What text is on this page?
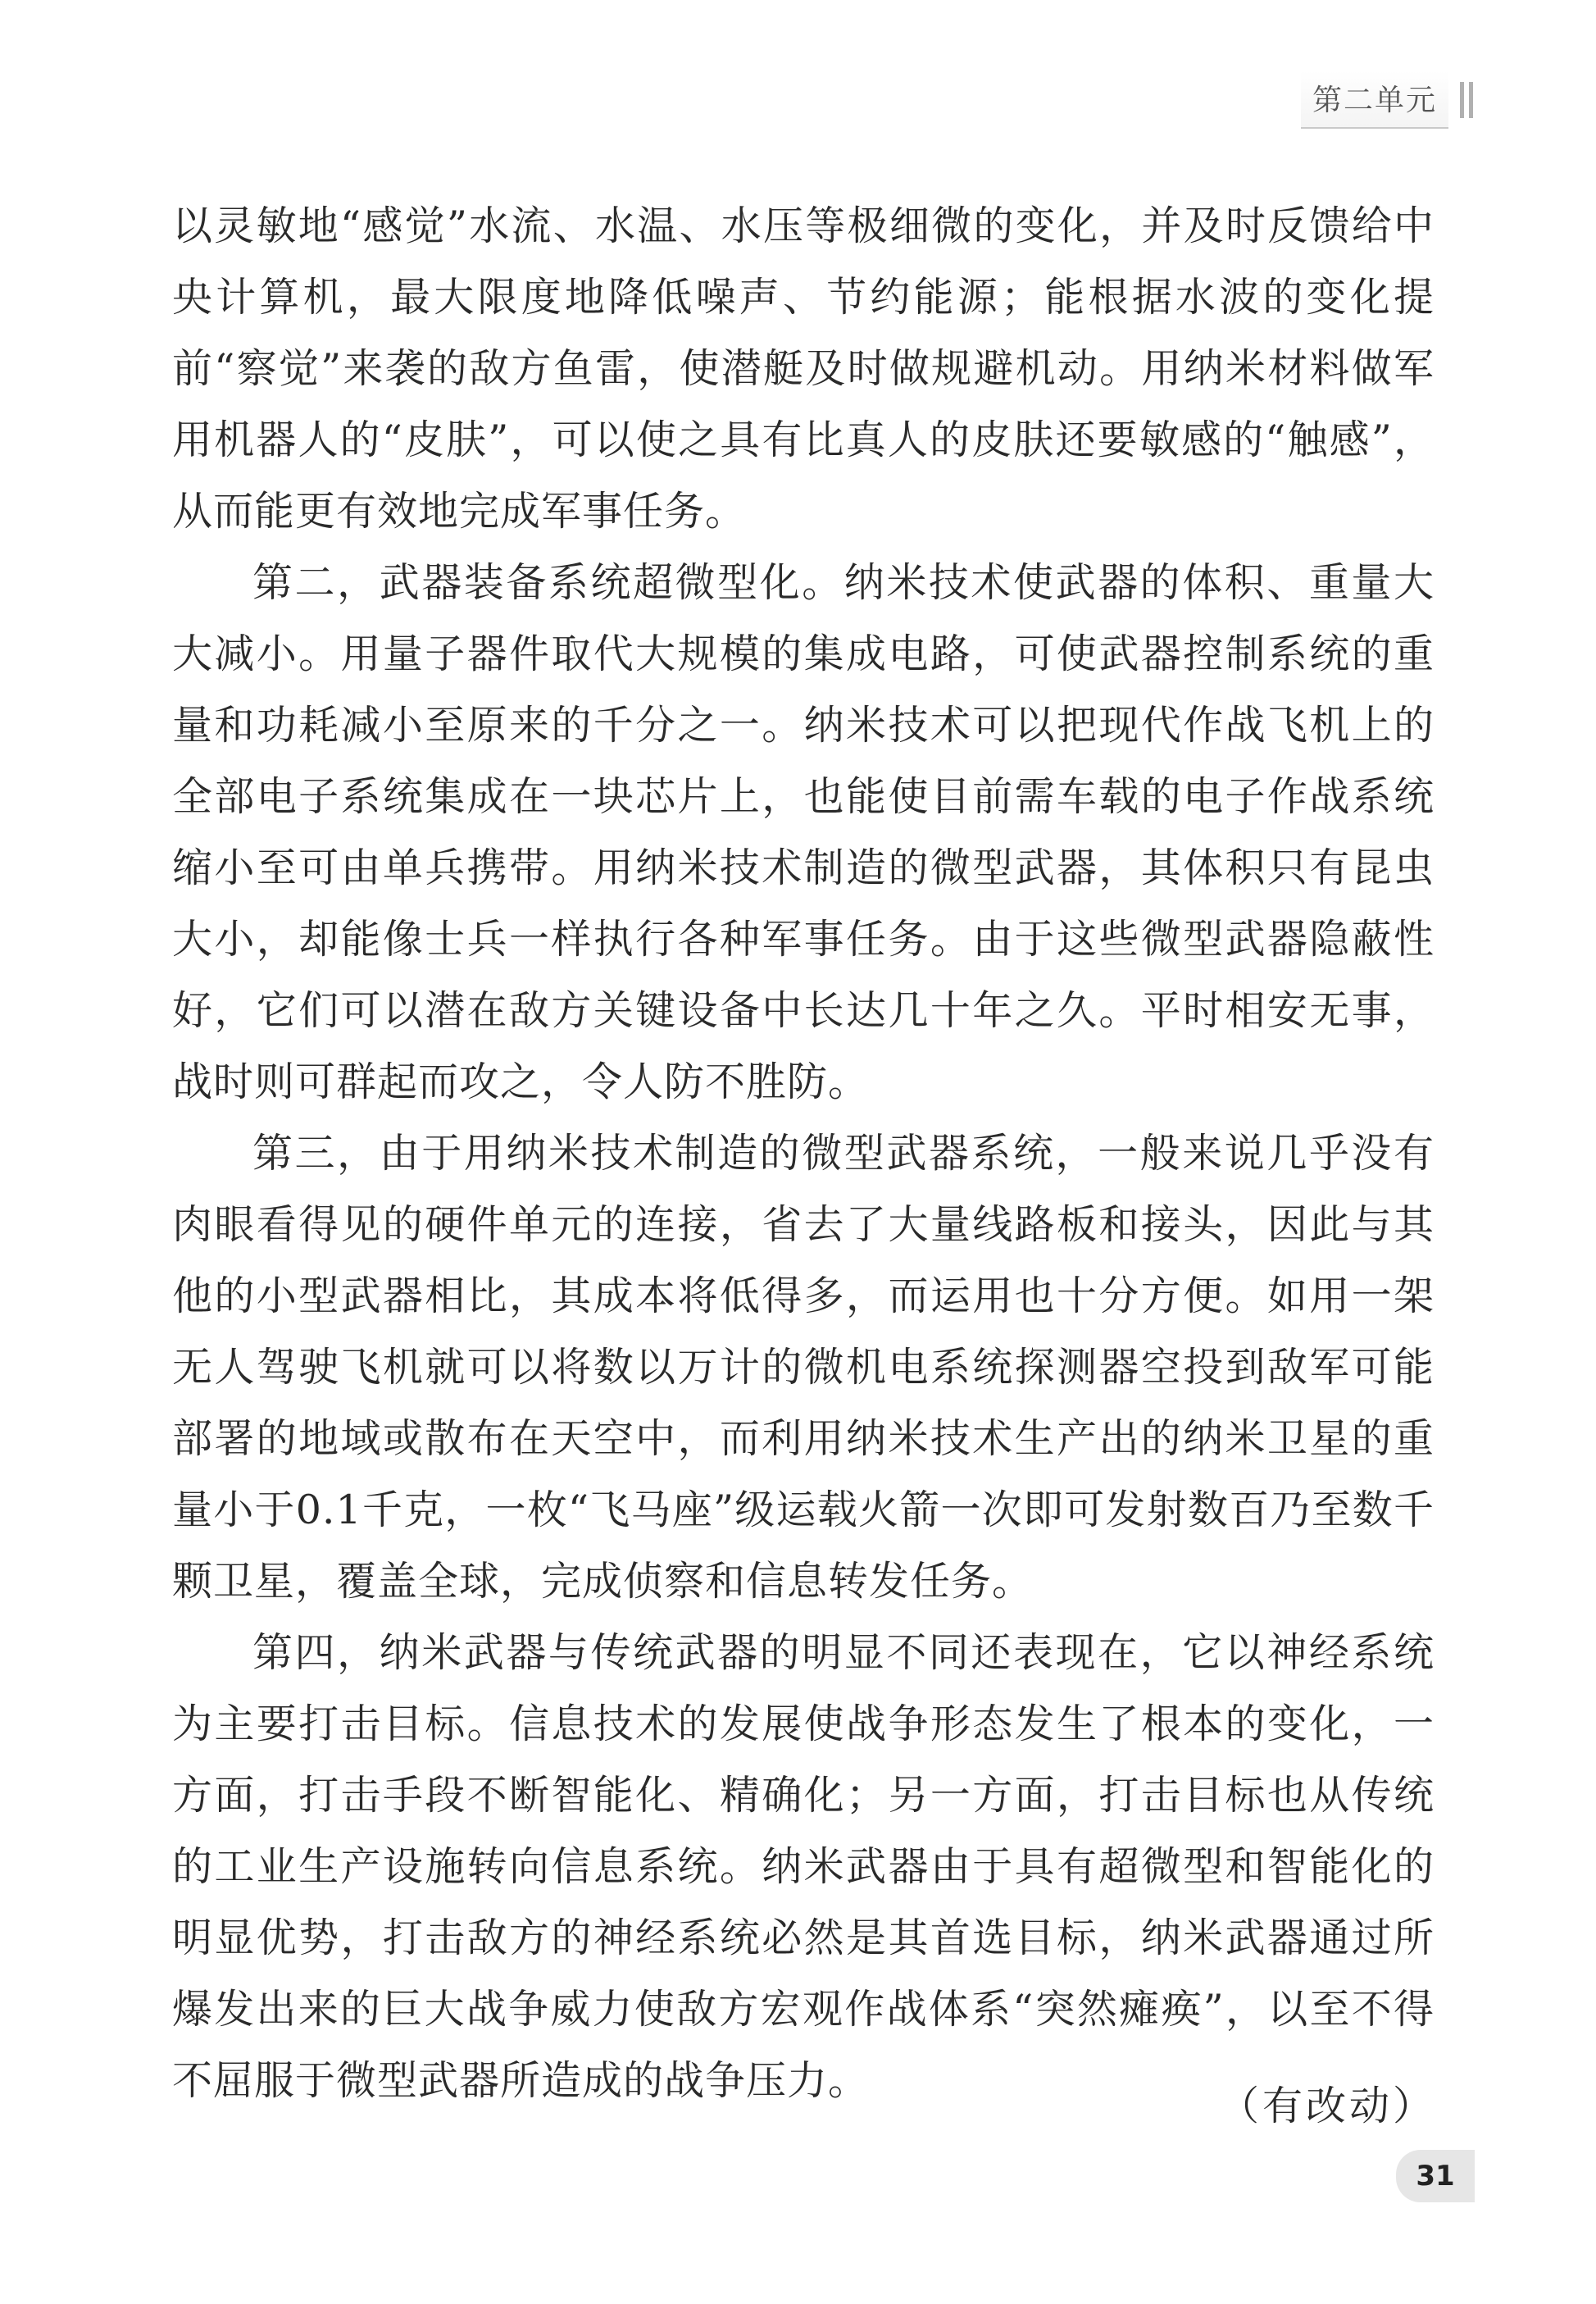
第二单元

以灵敏地“感觉”水流、水温、水压等极细微的变化，并及时反馈给中央计算机，最大限度地降低噪声、节约能源；能根据水波的变化提前“察觉”来袭的敌方鱼雷，使潜艇及时做规避机动。用纳米材料做军用机器人的“皮肤”，可以使之具有比真人的皮肤还要敏感的“触感”，从而能更有效地完成军事任务。

第二，武器装备系统超微型化。纳米技术使武器的体积、重量大大减小。用量子器件取代大规模的集成电路，可使武器控制系统的重量和功耗减小至原来的千分之一。纳米技术可以把现代作战飞机上的全部电子系统集成在一块芯片上，也能使目前需车载的电子作战系统缩小至可由单兵携带。用纳米技术制造的微型武器，其体积只有昆虫大小，却能像士兵一样执行各种军事任务。由于这些微型武器隐蔽性好，它们可以潜在敌方关键设备中长达几十年之久。平时相安无事，战时则可群起而攻之，令人防不胜防。

第三，由于用纳米技术制造的微型武器系统，一般来说几乎没有肉眼看得见的硬件单元的连接，省去了大量线路板和接头，因此与其他的小型武器相比，其成本将低得多，而运用也十分方便。如用一架无人驾驶飞机就可以将数以万计的微机电系统探测器空投到敌军可能部署的地域或散布在天空中，而利用纳米技术生产出的纳米卫星的重量小于0.1千克，一枚“飞马座”级运载火箭一次即可发射数百乃至数千颗卫星，覆盖全球，完成侦察和信息转发任务。

第四，纳米武器与传统武器的明显不同还表现在，它以神经系统为主要打击目标。信息技术的发展使战争形态发生了根本的变化，一方面，打击手段不断智能化、精确化；另一方面，打击目标也从传统的工业生产设施转向信息系统。纳米武器由于具有超微型和智能化的明显优势，打击敌方的神经系统必然是其首选目标，纳米武器通过所爆发出来的巨大战争威力使敌方宏观作战体系“突然瘫痪”，以至不得不屈服于微型武器所造成的战争压力。

（有改动）
31
